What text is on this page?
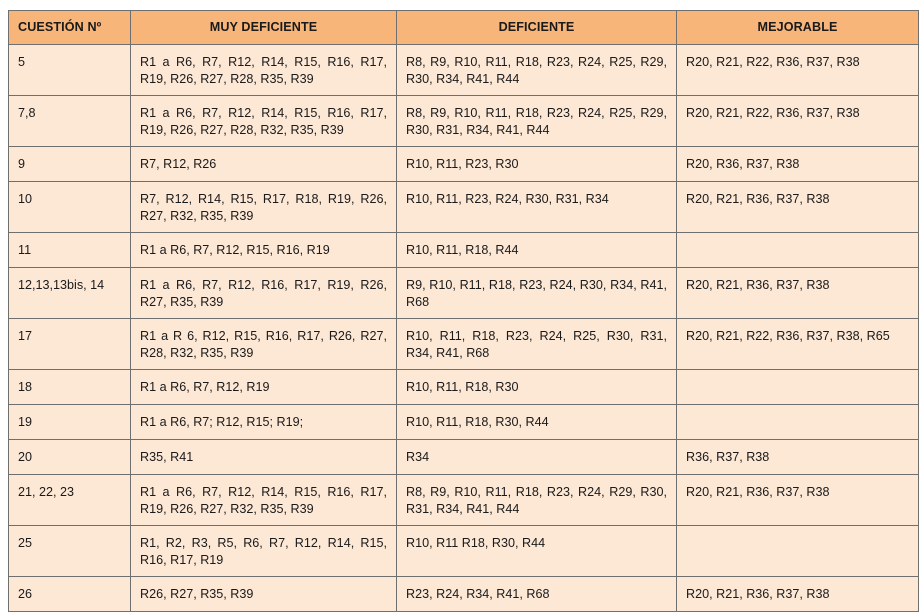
CUESTIÓN Nº	MUY DEFICIENTE	DEFICIENTE	MEJORABLE
5	R1 a R6, R7, R12, R14, R15, R16, R17, R19, R26, R27, R28, R35, R39	R8, R9, R10, R11, R18, R23, R24, R25, R29, R30, R34, R41, R44	R20, R21, R22, R36, R37, R38
7,8	R1 a R6, R7, R12, R14, R15, R16, R17, R19, R26, R27, R28, R32, R35, R39	R8, R9, R10, R11, R18, R23, R24, R25, R29, R30, R31, R34, R41, R44	R20, R21, R22, R36, R37, R38
9	R7, R12, R26	R10, R11, R23, R30	R20, R36, R37, R38
10	R7, R12, R14, R15, R17, R18, R19, R26, R27, R32, R35, R39	R10, R11, R23, R24, R30, R31, R34	R20, R21, R36, R37, R38
11	R1 a R6, R7, R12, R15, R16, R19	R10, R11, R18, R44	
12,13,13bis, 14	R1 a R6, R7, R12, R16, R17, R19, R26, R27, R35, R39	R9, R10, R11, R18, R23, R24, R30, R34, R41, R68	R20, R21, R36, R37, R38
17	R1 a R 6, R12, R15, R16, R17, R26, R27, R28, R32, R35, R39	R10, R11, R18, R23, R24, R25, R30, R31, R34, R41, R68	R20, R21, R22, R36, R37, R38, R65
18	R1 a R6, R7, R12, R19	R10, R11, R18, R30	
19	R1 a R6, R7; R12, R15; R19;	R10, R11, R18, R30, R44	
20	R35, R41	R34	R36, R37, R38
21, 22, 23	R1 a R6, R7, R12, R14, R15, R16, R17, R19, R26, R27, R32, R35, R39	R8, R9, R10, R11, R18, R23, R24, R29, R30, R31, R34, R41, R44	R20, R21, R36, R37, R38
25	R1, R2, R3, R5, R6, R7, R12, R14, R15, R16, R17, R19	R10, R11 R18, R30, R44	
26	R26, R27, R35, R39	R23, R24, R34, R41, R68	R20, R21, R36, R37, R38
